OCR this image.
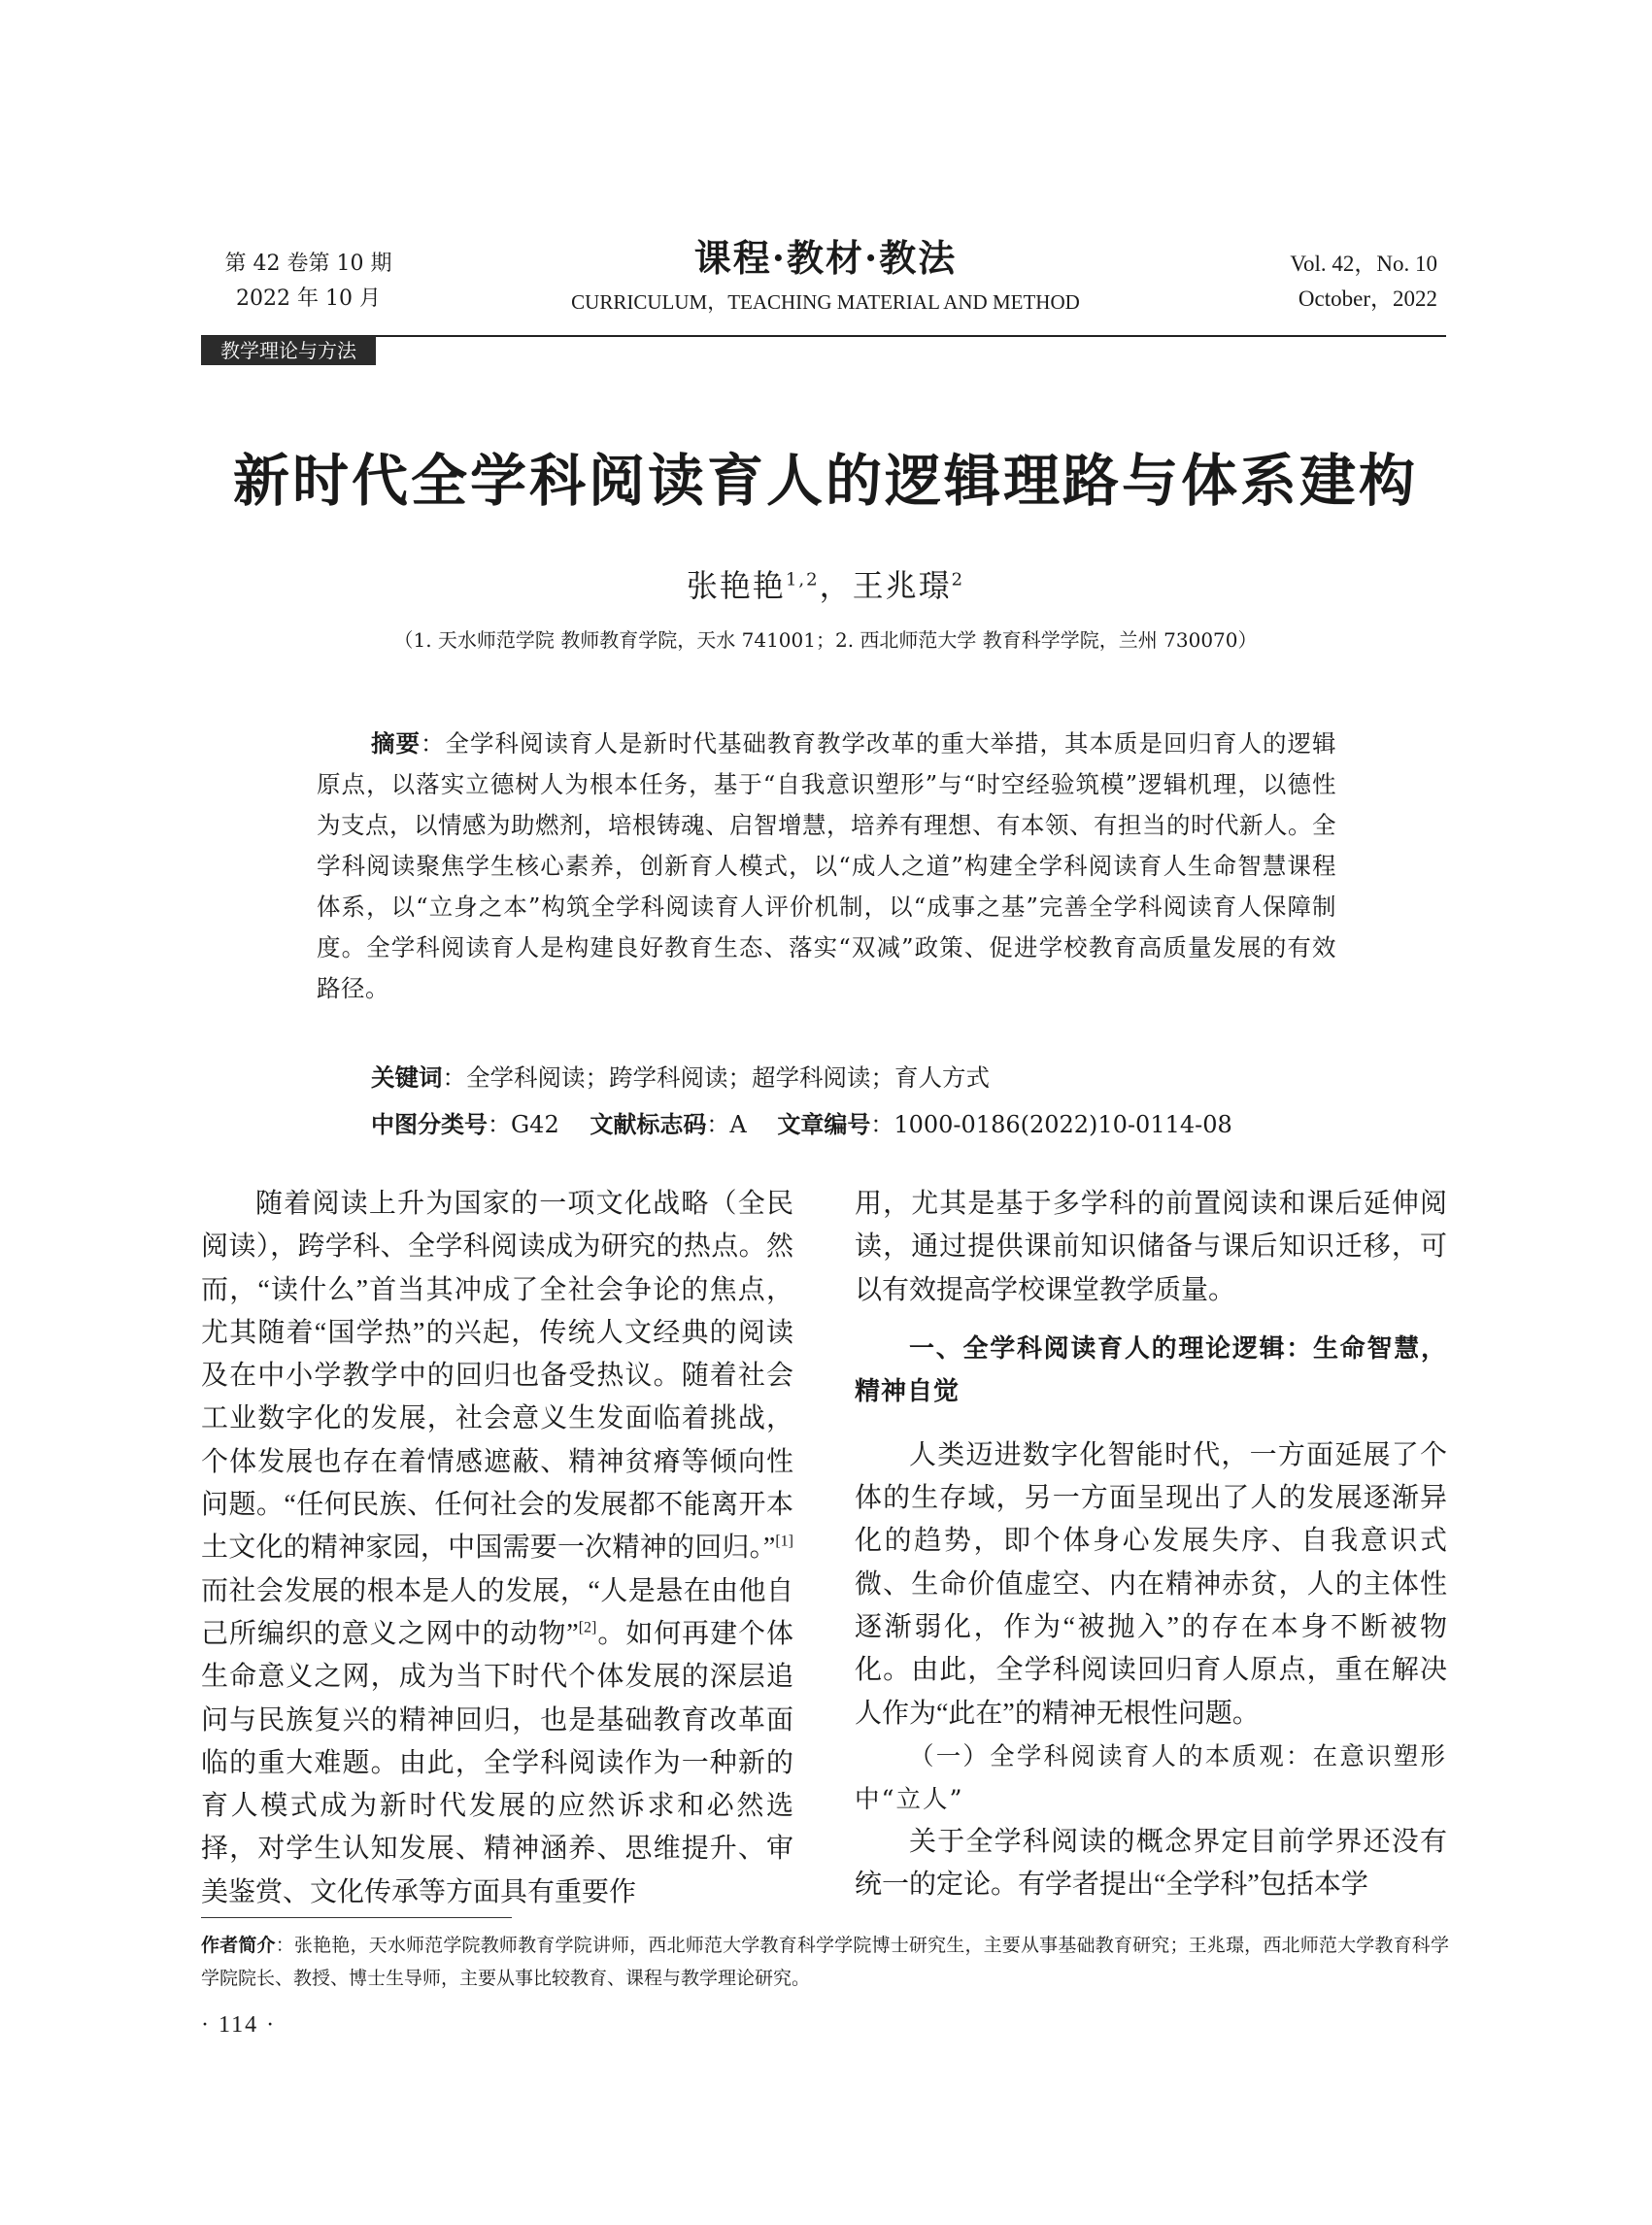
第 42 卷第 10 期
2022 年 10 月
课程·教材·教法
CURRICULUM，TEACHING MATERIAL AND METHOD
Vol. 42，No. 10
October，2022
教学理论与方法
新时代全学科阅读育人的逻辑理路与体系建构
张艳艳$^{1,2}$，王兆璟$^2$
（1. 天水师范学院 教师教育学院，天水 741001；2. 西北师范大学 教育科学学院，兰州 730070）
摘要：全学科阅读育人是新时代基础教育教学改革的重大举措，其本质是回归育人的逻辑原点，以落实立德树人为根本任务，基于“自我意识塑形”与“时空经验筑模”逻辑机理，以德性为支点，以情感为助燃剂，培根铸魂、启智增慧，培养有理想、有本领、有担当的时代新人。全学科阅读聚焦学生核心素养，创新育人模式，以“成人之道”构建全学科阅读育人生命智慧课程体系，以“立身之本”构筑全学科阅读育人评价机制，以“成事之基”完善全学科阅读育人保障制度。全学科阅读育人是构建良好教育生态、落实“双减”政策、促进学校教育高质量发展的有效路径。
关键词：全学科阅读；跨学科阅读；超学科阅读；育人方式
中图分类号：G42 文献标志码：A 文章编号：1000-0186(2022)10-0114-08

随着阅读上升为国家的一项文化战略（全民阅读），跨学科、全学科阅读成为研究的热点。然而，“读什么”首当其冲成了全社会争论的焦点，尤其随着“国学热”的兴起，传统人文经典的阅读及在中小学教学中的回归也备受热议。随着社会工业数字化的发展，社会意义生发面临着挑战，个体发展也存在着情感遮蔽、精神贫瘠等倾向性问题。“任何民族、任何社会的发展都不能离开本土文化的精神家园，中国需要一次精神的回归。”[1]而社会发展的根本是人的发展，“人是悬在由他自己所编织的意义之网中的动物”[2]。如何再建个体生命意义之网，成为当下时代个体发展的深层追问与民族复兴的精神回归，也是基础教育改革面临的重大难题。由此，全学科阅读作为一种新的育人模式成为新时代发展的应然诉求和必然选择，对学生认知发展、精神涵养、思维提升、审美鉴赏、文化传承等方面具有重要作

用，尤其是基于多学科的前置阅读和课后延伸阅读，通过提供课前知识储备与课后知识迁移，可以有效提高学校课堂教学质量。

一、全学科阅读育人的理论逻辑：生命智慧，精神自觉

人类迈进数字化智能时代，一方面延展了个体的生存域，另一方面呈现出了人的发展逐渐异化的趋势，即个体身心发展失序、自我意识式微、生命价值虚空、内在精神赤贫，人的主体性逐渐弱化，作为“被抛入”的存在本身不断被物化。由此，全学科阅读回归育人原点，重在解决人作为“此在”的精神无根性问题。

（一）全学科阅读育人的本质观：在意识塑形中“立人”

关于全学科阅读的概念界定目前学界还没有统一的定论。有学者提出“全学科”包括本学

作者简介：张艳艳，天水师范学院教师教育学院讲师，西北师范大学教育科学学院博士研究生，主要从事基础教育研究；王兆璟，西北师范大学教育科学学院院长、教授、博士生导师，主要从事比较教育、课程与教学理论研究。
· 114 ·
